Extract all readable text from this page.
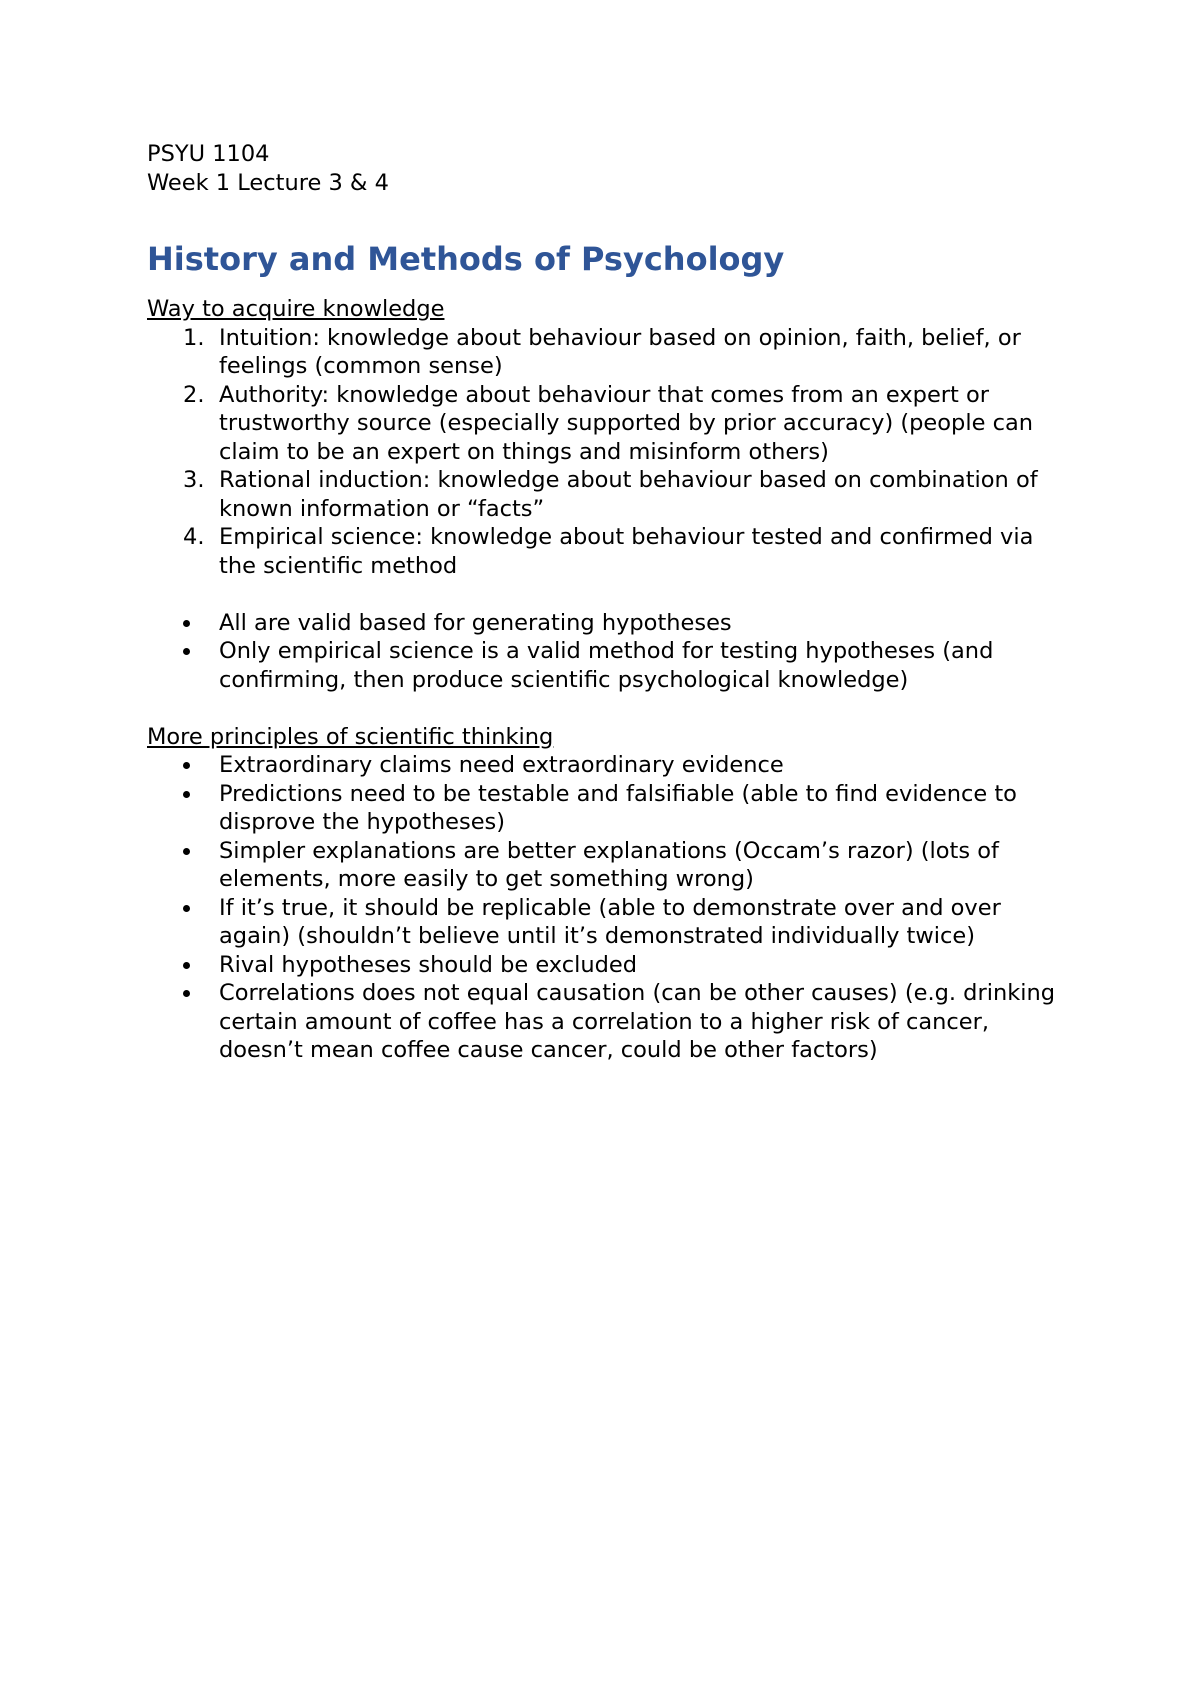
PSYU 1104

Week 1 Lecture 3 & 4

History and Methods of Psychology

Way to acquire knowledge

1. Intuition: knowledge about behaviour based on opinion, faith, belief, or feelings (common sense)
2. Authority: knowledge about behaviour that comes from an expert or trustworthy source (especially supported by prior accuracy) (people can claim to be an expert on things and misinform others)
3. Rational induction: knowledge about behaviour based on combination of known information or “facts”
4. Empirical science: knowledge about behaviour tested and confirmed via the scientific method
All are valid based for generating hypotheses
Only empirical science is a valid method for testing hypotheses (and confirming, then produce scientific psychological knowledge)

More principles of scientific thinking

Extraordinary claims need extraordinary evidence
Predictions need to be testable and falsifiable (able to find evidence to disprove the hypotheses)
Simpler explanations are better explanations (Occam’s razor) (lots of elements, more easily to get something wrong)
If it’s true, it should be replicable (able to demonstrate over and over again) (shouldn’t believe until it’s demonstrated individually twice)
Rival hypotheses should be excluded
Correlations does not equal causation (can be other causes) (e.g. drinking certain amount of coffee has a correlation to a higher risk of cancer, doesn’t mean coffee cause cancer, could be other factors)
